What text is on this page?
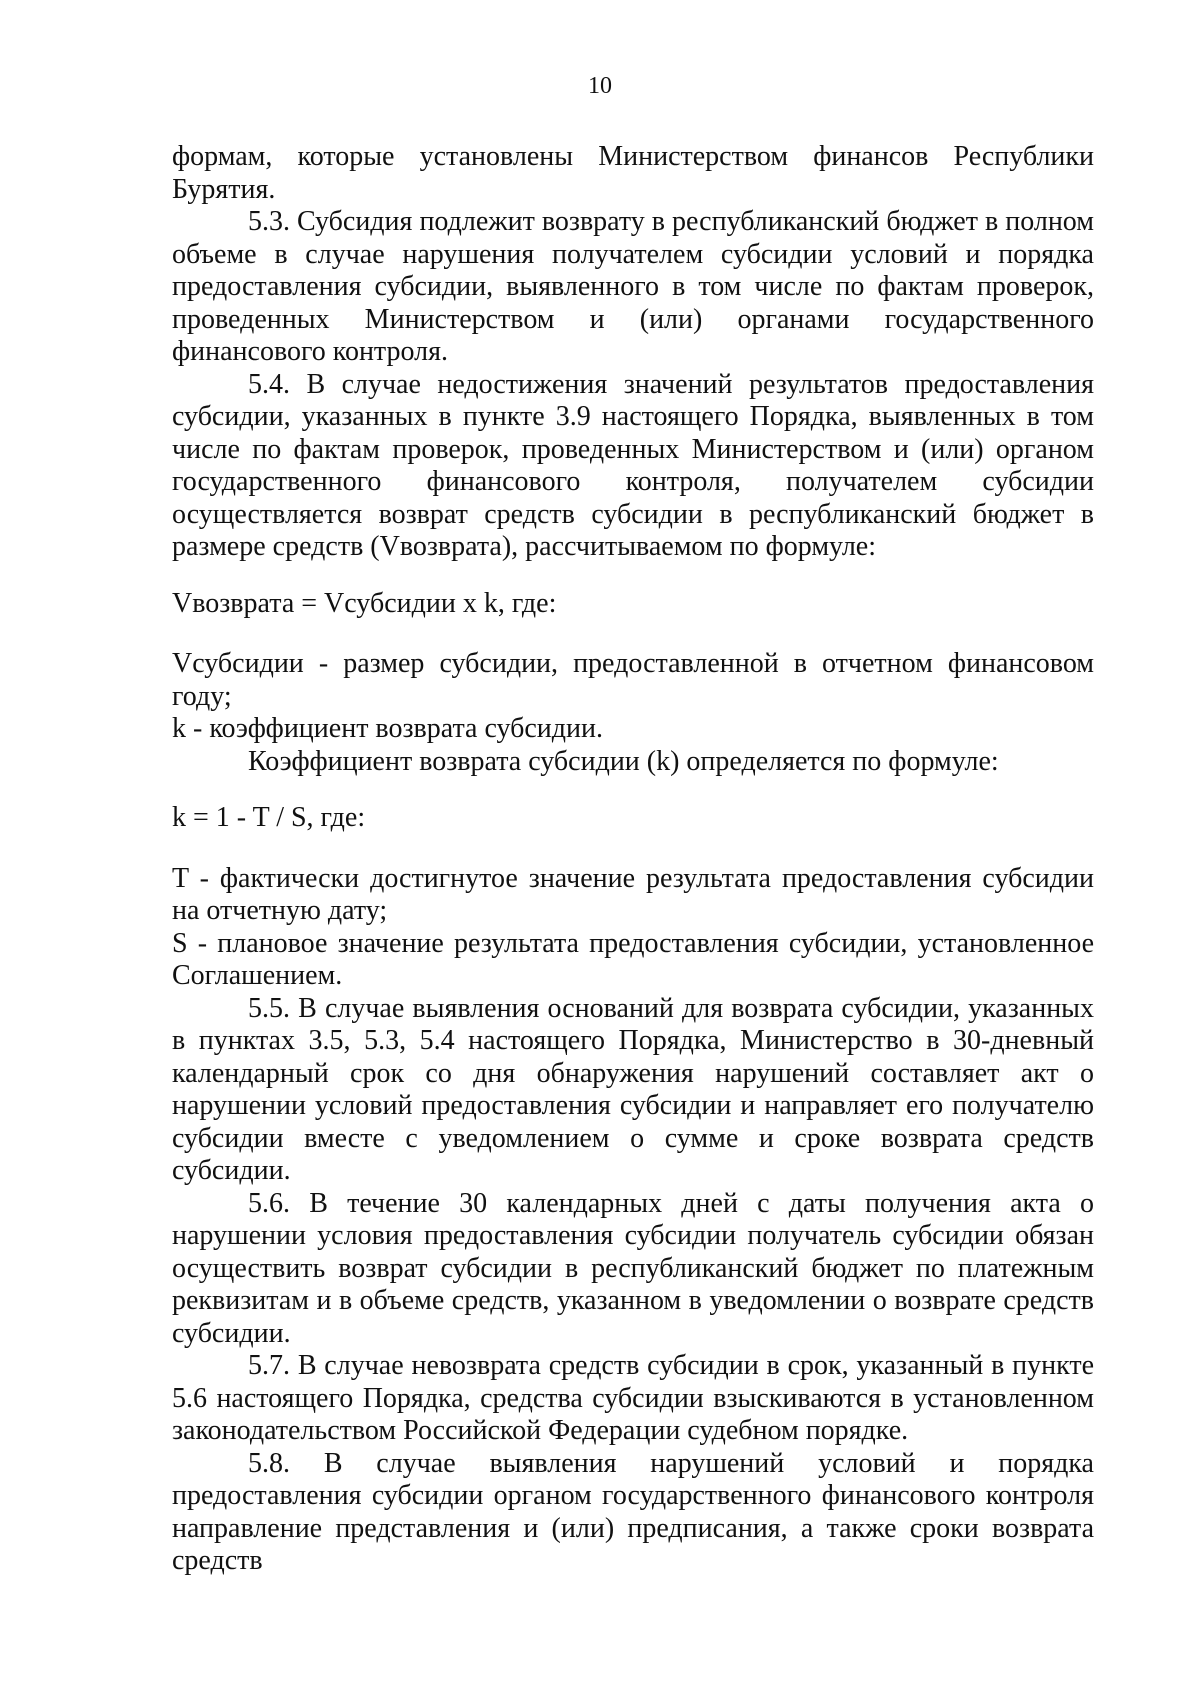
10

формам, которые установлены Министерством финансов Республики Бурятия.

5.3. Субсидия подлежит возврату в республиканский бюджет в полном объеме в случае нарушения получателем субсидии условий и порядка предоставления субсидии, выявленного в том числе по фактам проверок, проведенных Министерством и (или) органами государственного финансового контроля.

5.4. В случае недостижения значений результатов предоставления субсидии, указанных в пункте 3.9 настоящего Порядка, выявленных в том числе по фактам проверок, проведенных Министерством и (или) органом государственного финансового контроля, получателем субсидии осуществляется возврат средств субсидии в республиканский бюджет в размере средств (Vвозврата), рассчитываемом по формуле:

Vвозврата = Vсубсидии x k, где:

Vсубсидии - размер субсидии, предоставленной в отчетном финансовом году;

k - коэффициент возврата субсидии.

Коэффициент возврата субсидии (k) определяется по формуле:

k = 1 - T / S, где:

T - фактически достигнутое значение результата предоставления субсидии на отчетную дату;

S - плановое значение результата предоставления субсидии, установленное Соглашением.

5.5. В случае выявления оснований для возврата субсидии, указанных в пунктах 3.5, 5.3, 5.4 настоящего Порядка, Министерство в 30-дневный календарный срок со дня обнаружения нарушений составляет акт о нарушении условий предоставления субсидии и направляет его получателю субсидии вместе с уведомлением о сумме и сроке возврата средств субсидии.

5.6. В течение 30 календарных дней с даты получения акта о нарушении условия предоставления субсидии получатель субсидии обязан осуществить возврат субсидии в республиканский бюджет по платежным реквизитам и в объеме средств, указанном в уведомлении о возврате средств субсидии.

5.7. В случае невозврата средств субсидии в срок, указанный в пункте 5.6 настоящего Порядка, средства субсидии взыскиваются в установленном законодательством Российской Федерации судебном порядке.

5.8. В случае выявления нарушений условий и порядка предоставления субсидии органом государственного финансового контроля направление представления и (или) предписания, а также сроки возврата средств
